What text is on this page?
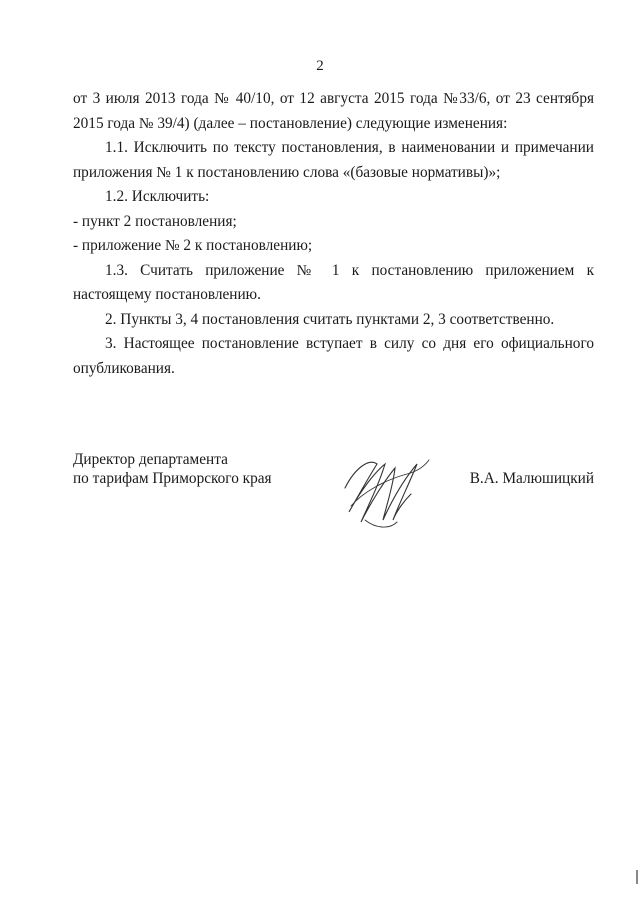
2

от 3 июля 2013 года № 40/10, от 12 августа 2015 года №33/6, от 23 сентября 2015 года № 39/4) (далее – постановление) следующие изменения:

1.1. Исключить по тексту постановления, в наименовании и примечании приложения № 1 к постановлению слова «(базовые нормативы)»;

1.2. Исключить:

- пункт 2 постановления;

- приложение № 2 к постановлению;

1.3. Считать приложение № 1 к постановлению приложением к настоящему постановлению.

2. Пункты 3, 4 постановления считать пунктами 2, 3 соответственно.

3. Настоящее постановление вступает в силу со дня его официального опубликования.

Директор департамента
по тарифам Приморского края	В.А. Малюшицкий
